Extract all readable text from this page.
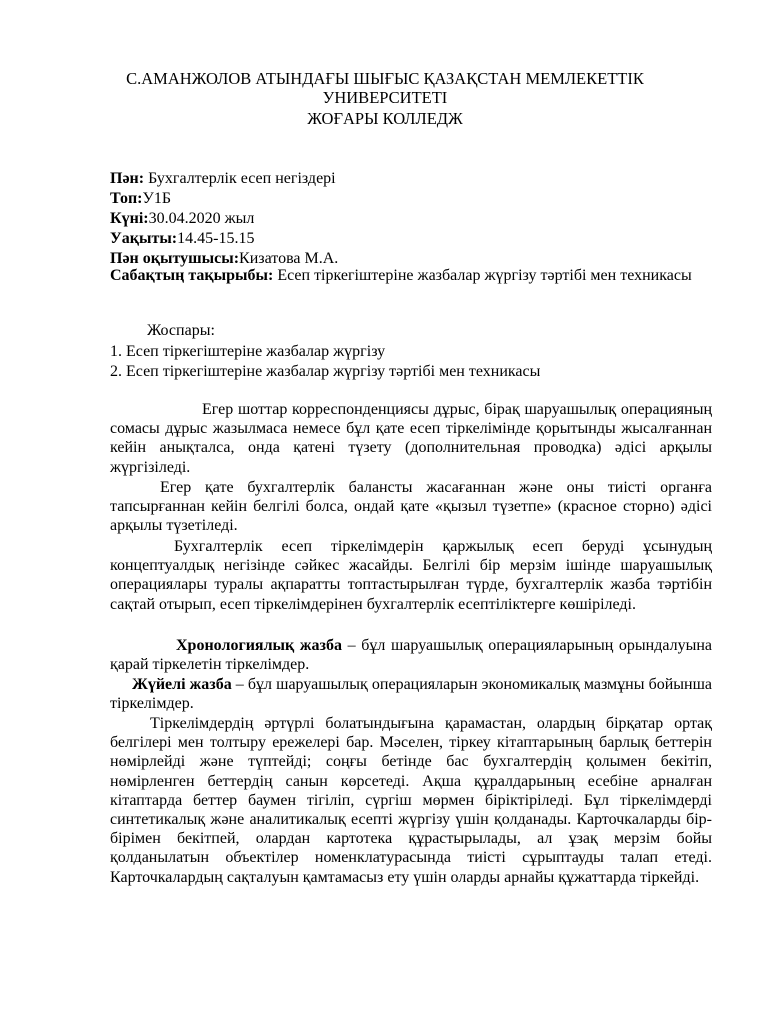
С.АМАНЖОЛОВ АТЫНДАҒЫ ШЫҒЫС ҚАЗАҚСТАН МЕМЛЕКЕТТІК
УНИВЕРСИТЕТІ
ЖОҒАРЫ КОЛЛЕДЖ
Пән: Бухгалтерлік есеп негіздері
Топ:У1Б
Күні:30.04.2020 жыл
Уақыты:14.45-15.15
Пән оқытушысы:Кизатова М.А.
Сабақтың тақырыбы: Есеп тіркегіштеріне жазбалар жүргізу тәртібі мен техникасы
Жоспары:
1. Есеп тіркегіштеріне жазбалар жүргізу
2. Есеп тіркегіштеріне жазбалар жүргізу тәртібі мен техникасы
Егер шоттар корреспонденциясы дұрыс, бірақ шаруашылық операцияның сомасы дұрыс жазылмаса немесе бұл қате есеп тіркелімінде қорытынды жысалғаннан кейін анықталса, онда қатені түзету (дополнительная проводка) әдісі арқылы жүргізіледі.
Егер қате бухгалтерлік балансты жасағаннан және оны тиісті органға тапсырғаннан кейін белгілі болса, ондай қате «қызыл түзетпе» (красное сторно) әдісі арқылы түзетіледі.
Бухгалтерлік есеп тіркелімдерін қаржылық есеп беруді ұсынудың концептуалдық негізінде сәйкес жасайды. Белгілі бір мерзім ішінде шаруашылық операциялары туралы ақпаратты топтастырылған түрде, бухгалтерлік жазба тәртібін сақтай отырып, есеп тіркелімдерінен бухгалтерлік есептіліктерге көшіріледі.
Хронологиялық жазба – бұл шаруашылық операцияларының орындалуына қарай тіркелетін тіркелімдер.
Жүйелі жазба – бұл шаруашылық операцияларын экономикалық мазмұны бойынша тіркелімдер.
Тіркелімдердің әртүрлі болатындығына қарамастан, олардың бірқатар ортақ белгілері мен толтыру ережелері бар. Мәселен, тіркеу кітаптарының барлық беттерін нөмірлейді және түптейді; соңғы бетінде бас бухгалтердің қолымен бекітіп, нөмірленген беттердің санын көрсетеді. Ақша құралдарының есебіне арналған кітаптарда беттер баумен тігіліп, сүргіш мөрмен біріктіріледі. Бұл тіркелімдерді синтетикалық және аналитикалық есепті жүргізу үшін қолданады. Карточкаларды бір-бірімен бекітпей, олардан картотека құрастырылады, ал ұзақ мерзім бойы қолданылатын объектілер номенклатурасында тиісті сұрыптауды талап етеді. Карточкалардың сақталуын қамтамасыз ету үшін оларды арнайы құжаттарда тіркейді.
